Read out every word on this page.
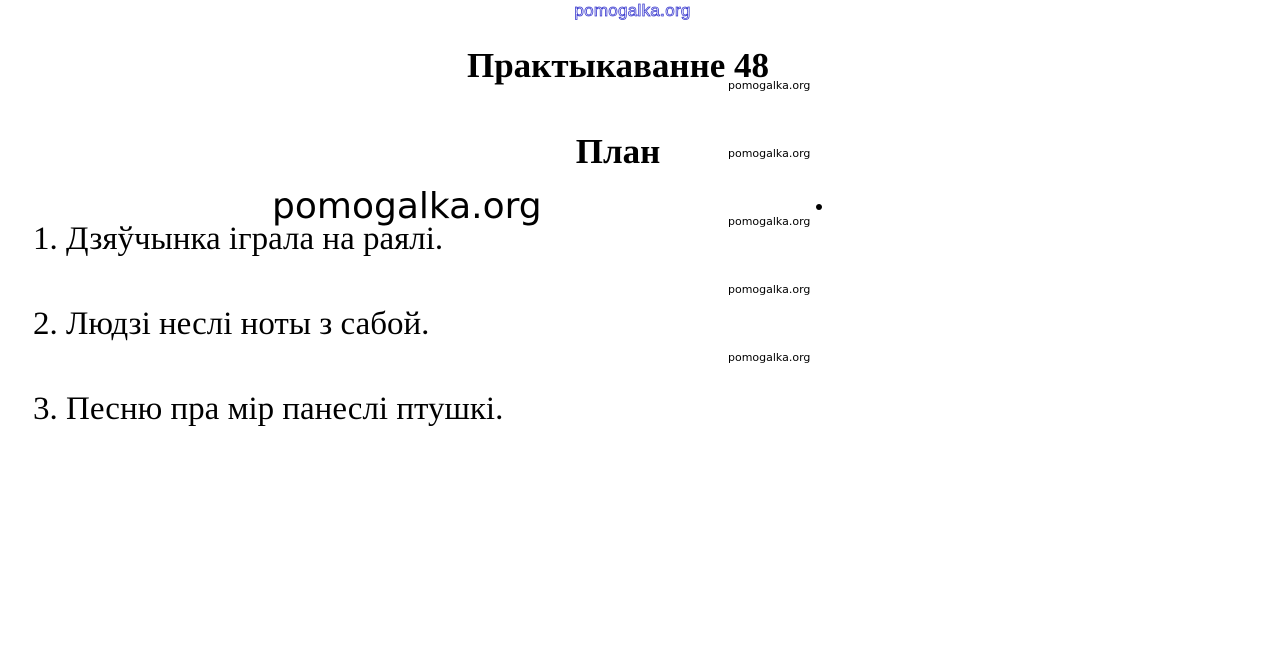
pomogalka.org
Практыкаванне 48
План
pomogalka.org
1. Дзяўчынка іграла на раялі.
2. Людзі неслі ноты з сабой.
3. Песню пра мір панеслі птушкі.
pomogalka.org
pomogalka.org
pomogalka.org
pomogalka.org
pomogalka.org
